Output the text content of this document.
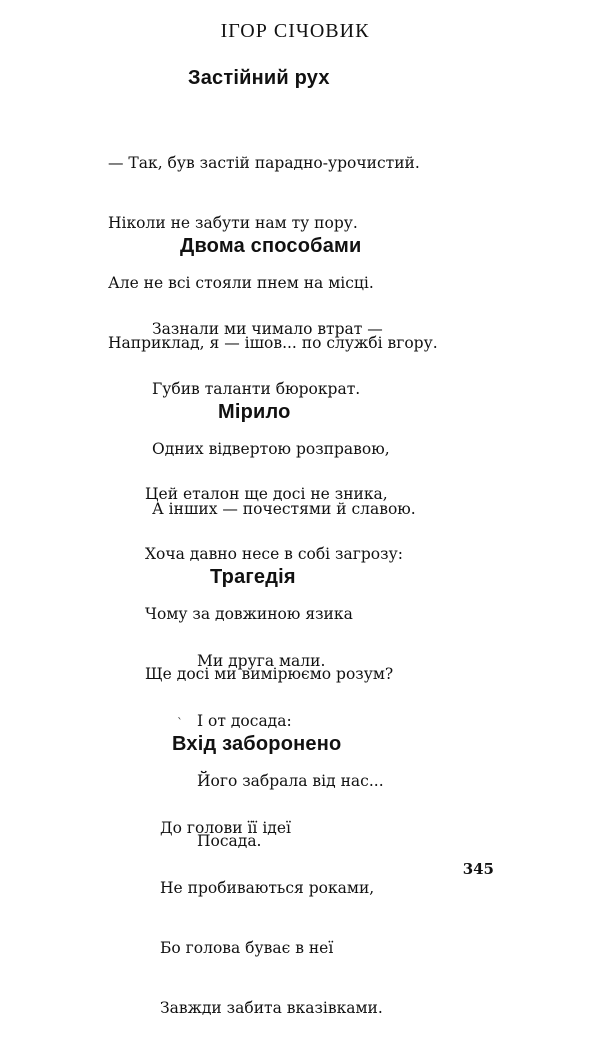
ІГОР СІЧОВИК
Застійний рух

— Так, був застій парадно-урочистий.

Ніколи не забути нам ту пору.

Але не всі стояли пнем на місці.

Наприклад, я — ішов... по службі вгору.

Двома способами

Зазнали ми чимало втрат —

Губив таланти бюрократ.

Одних відвертою розправою,

А інших — почестями й славою.

Мірило

Цей еталон ще досі не зника,

Хоча давно несе в собі загрозу:

Чому за довжиною язика

Ще досі ми вимірюємо розум?

Трагедія

Ми друга мали.

І от досада:

Його забрала від нас...

Посада.

`
Вхід заборонено

До голови її ідеї

Не пробиваються роками,

Бо голова буває в неї

Завжди забита вказівками.

345
